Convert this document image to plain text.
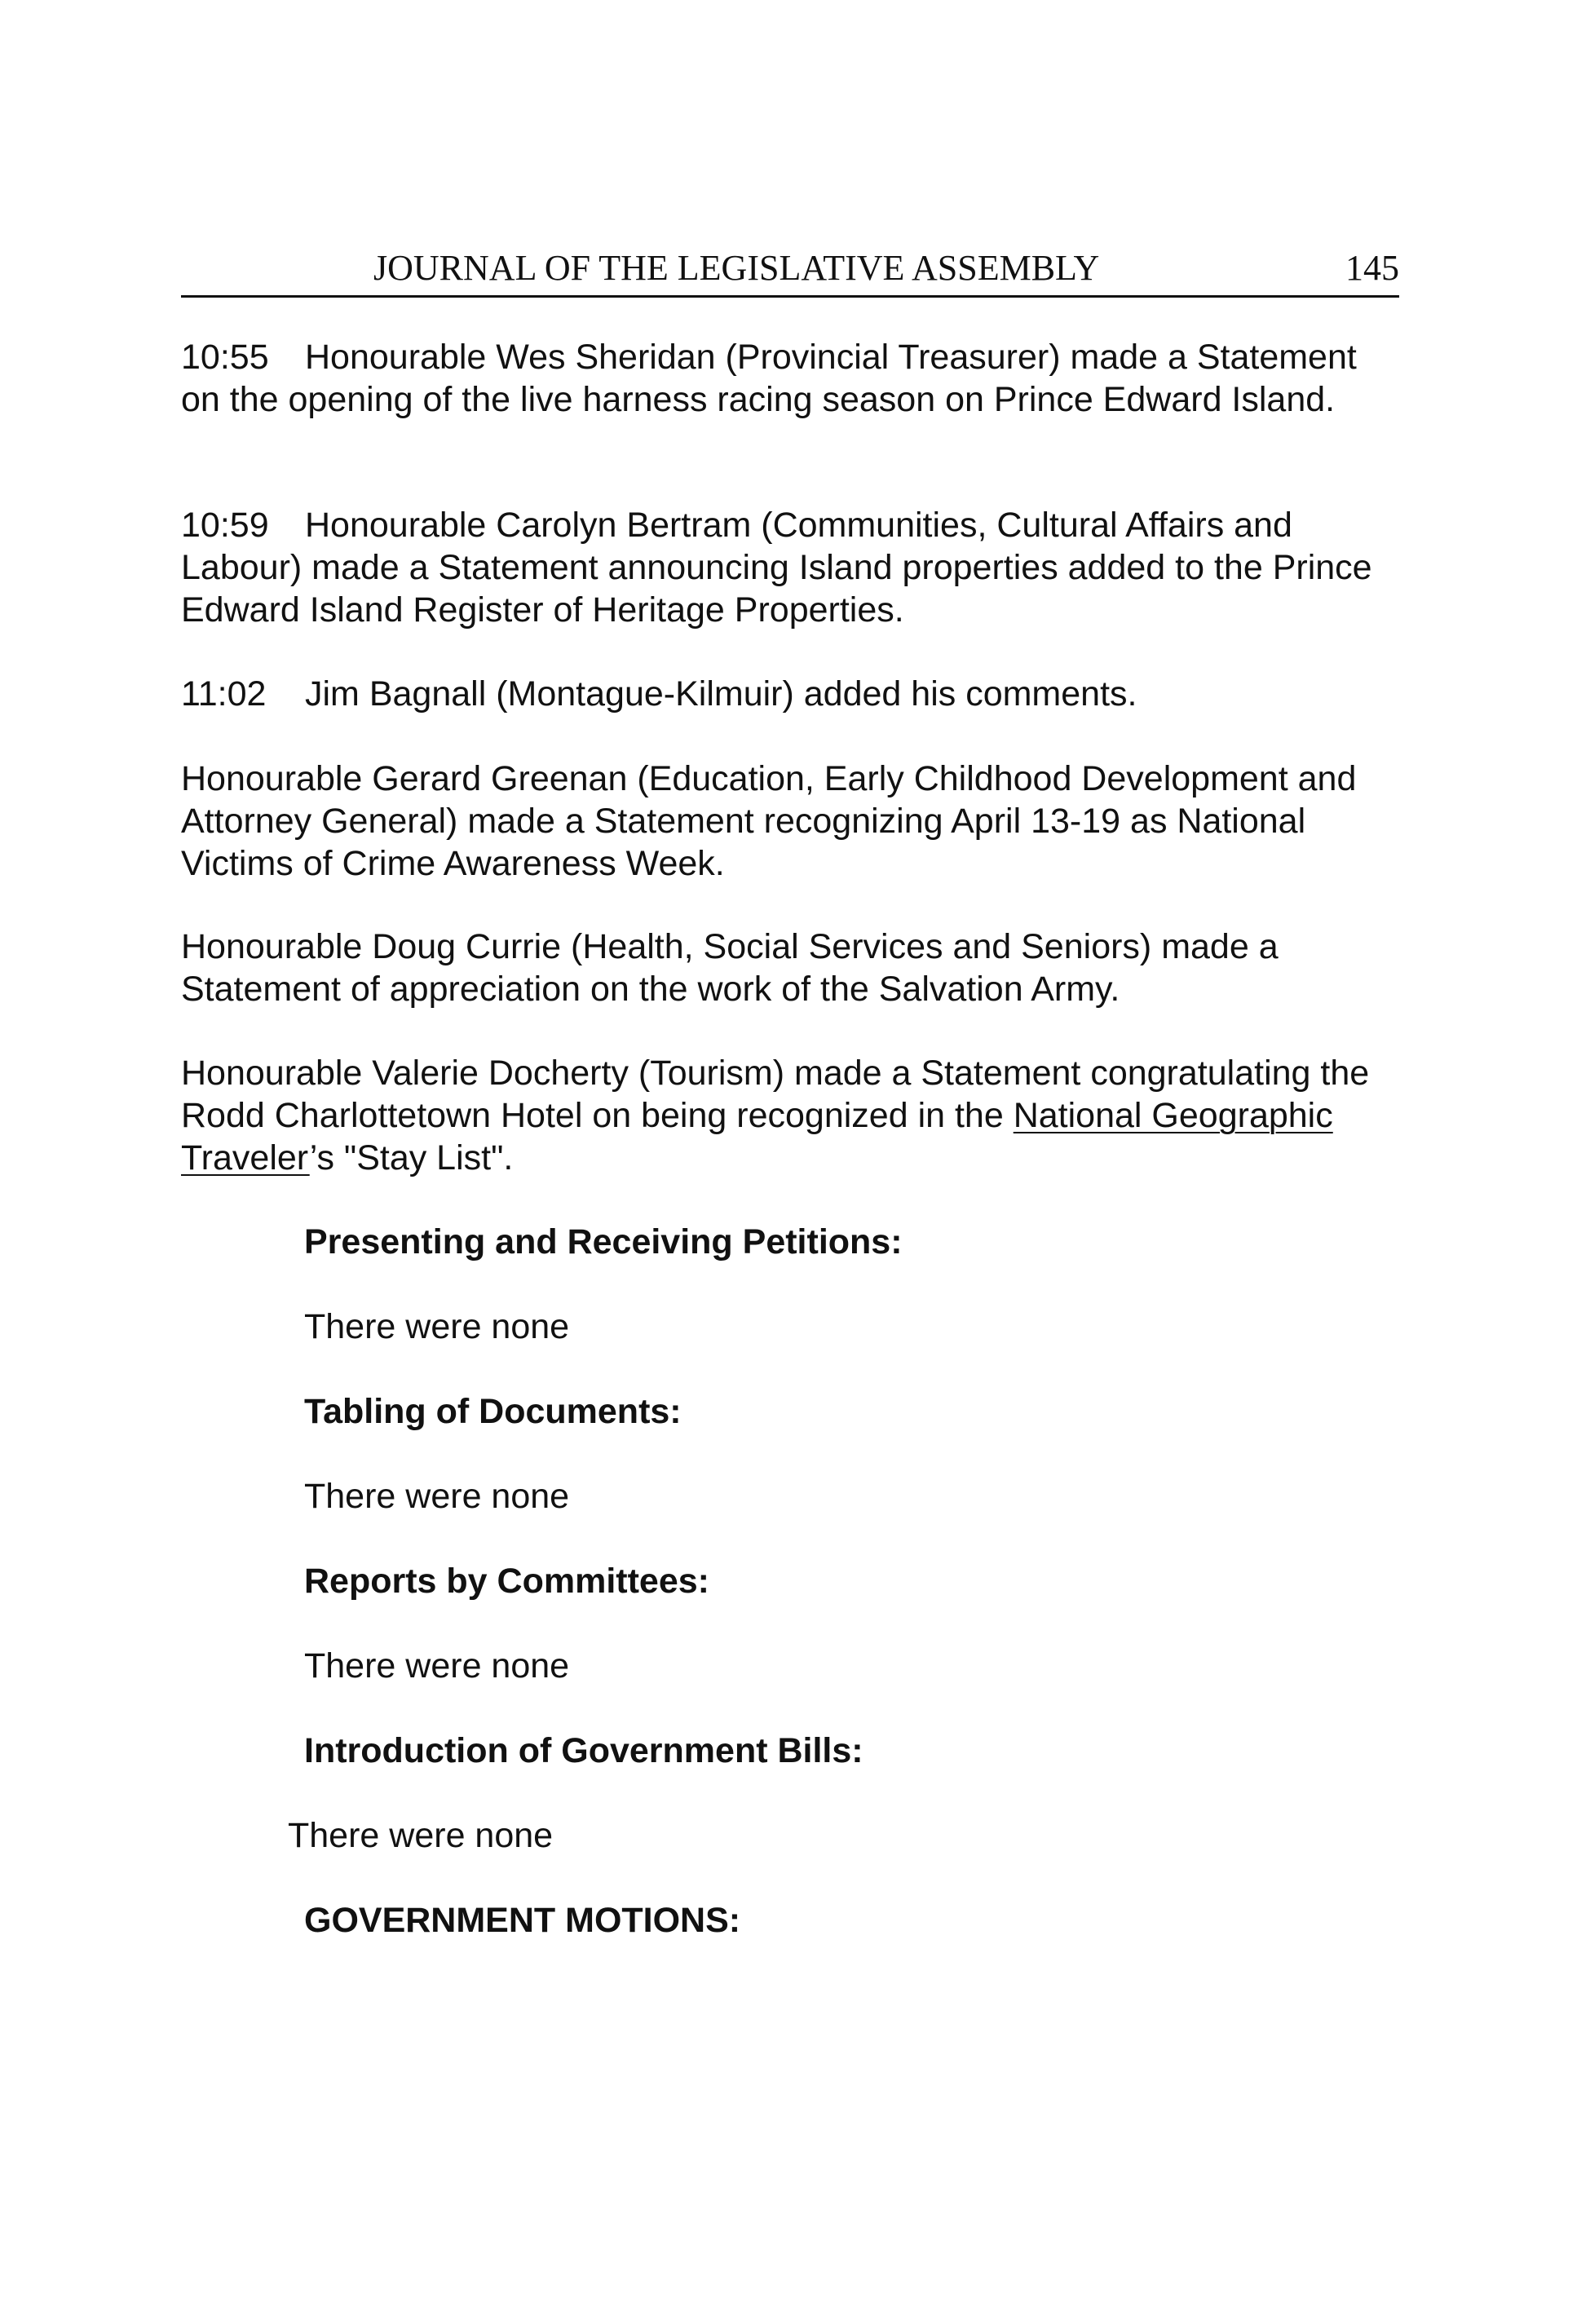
JOURNAL OF THE LEGISLATIVE ASSEMBLY	145

10:55 Honourable Wes Sheridan (Provincial Treasurer) made a Statement on the opening of the live harness racing season on Prince Edward Island.

10:59 Honourable Carolyn Bertram (Communities, Cultural Affairs and Labour) made a Statement announcing Island properties added to the Prince Edward Island Register of Heritage Properties.

11:02 Jim Bagnall (Montague-Kilmuir) added his comments.

Honourable Gerard Greenan (Education, Early Childhood Development and Attorney General) made a Statement recognizing April 13-19 as National Victims of Crime Awareness Week.

Honourable Doug Currie (Health, Social Services and Seniors) made a Statement of appreciation on the work of the Salvation Army.

Honourable Valerie Docherty (Tourism) made a Statement congratulating the Rodd Charlottetown Hotel on being recognized in the National Geographic Traveler’s "Stay List".

Presenting and Receiving Petitions:

There were none

Tabling of Documents:

There were none

Reports by Committees:

There were none

Introduction of Government Bills:

There were none

GOVERNMENT MOTIONS:
